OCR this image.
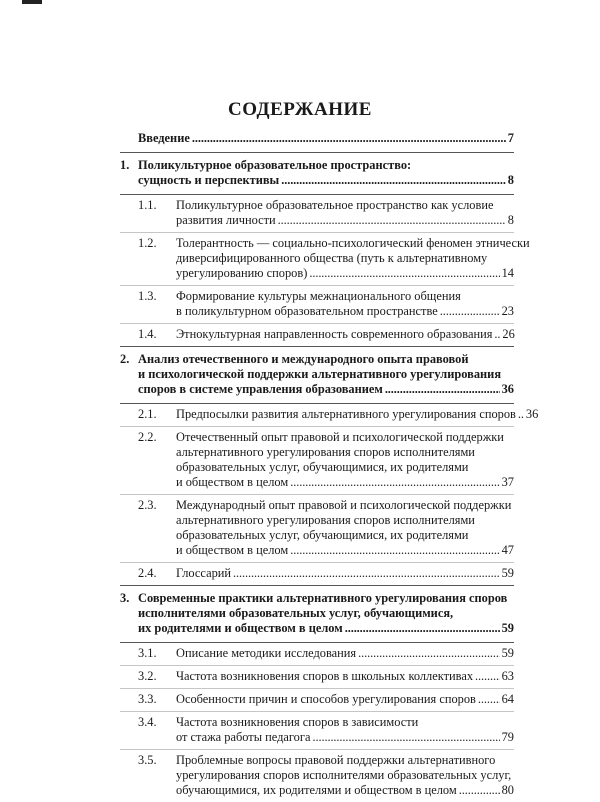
СОДЕРЖАНИЕ
Введение . . .	7
1. Поликультурное образовательное пространство:
сущность и перспективы . . .	8
1.1.	Поликультурное образовательное пространство как условие
развития личности . . .	8
1.2.	Толерантность — социально-психологический феномен этнически
диверсифицированного общества (путь к альтернативному
урегулированию споров) . . .	14
1.3.	Формирование культуры межнационального общения
в поликультурном образовательном пространстве . . .	23
1.4.	Этнокультурная направленность современного образования . . . 26
2. Анализ отечественного и международного опыта правовой
и психологической поддержки альтернативного урегулирования
споров в системе управления образованием . . .	36
2.1.	Предпосылки развития альтернативного урегулирования споров . . . 36
2.2.	Отечественный опыт правовой и психологической поддержки
альтернативного урегулирования споров исполнителями
образовательных услуг, обучающимися, их родителями
и обществом в целом . . .	37
2.3.	Международный опыт правовой и психологической поддержки
альтернативного урегулирования споров исполнителями
образовательных услуг, обучающимися, их родителями
и обществом в целом . . .	47
2.4.	Глоссарий . . .	59
3. Современные практики альтернативного урегулирования споров
исполнителями образовательных услуг, обучающимися,
их родителями и обществом в целом . . .	59
3.1.	Описание методики исследования . . .	59
3.2.	Частота возникновения споров в школьных коллективах . . . 63
3.3.	Особенности причин и способов урегулирования споров . . . 64
3.4.	Частота возникновения споров в зависимости
от стажа работы педагога . . .	79
3.5.	Проблемные вопросы правовой поддержки альтернативного
урегулирования споров исполнителями образовательных услуг,
обучающимися, их родителями и обществом в целом . . .	80
